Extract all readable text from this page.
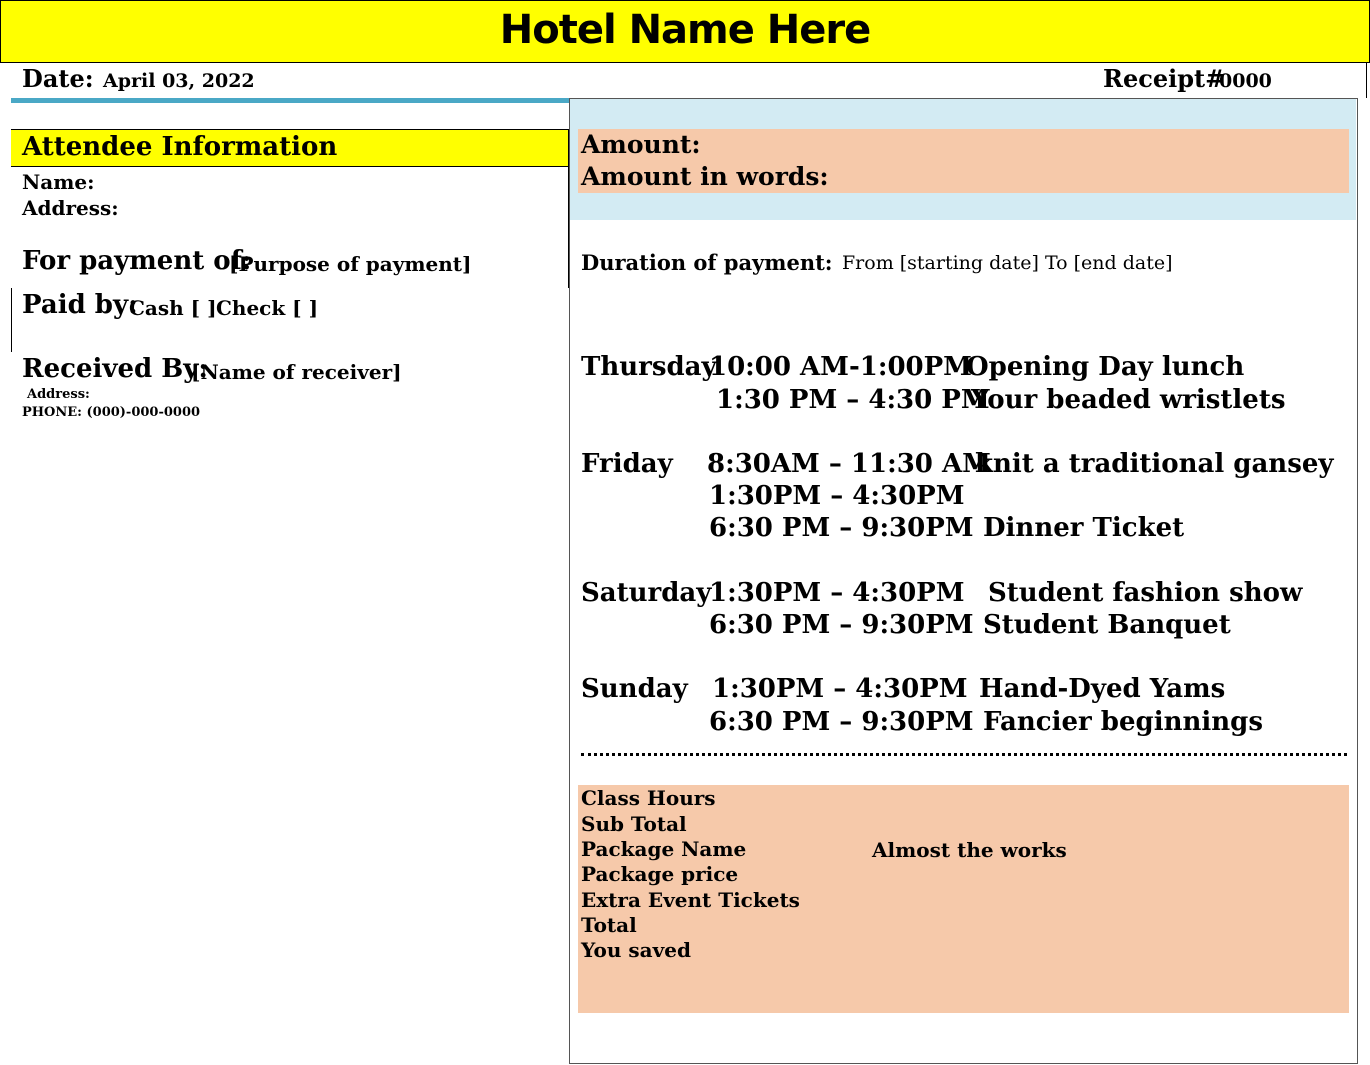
Hotel Name Here
Date: April 03, 2022	Receipt#
0000
Amount:
Amount in words:
Attendee Information
Name:
Address:
For payment of:
[Purpose of payment]
Paid by:
Cash [ ] Check [ ]
Received By:
[Name of receiver]
Address:
PHONE: (000)-000-0000
Duration of payment: From [starting date] To [end date]
Thursday
10:00 AM-1:00PM
Opening Day lunch
1:30 PM – 4:30 PM
Your beaded wristlets
Friday 8:30AM – 11:30 AM
knit a traditional gansey
1:30PM – 4:30PM
6:30 PM – 9:30PM Dinner Ticket
Saturday
1:30PM – 4:30PM Student fashion show
6:30 PM – 9:30PM Student Banquet
Sunday 1:30PM – 4:30PM Hand-Dyed Yams
6:30 PM – 9:30PM Fancier beginnings
Class Hours
Sub Total
Package Name	Almost the works
Package price
Extra Event Tickets
Total
You saved
